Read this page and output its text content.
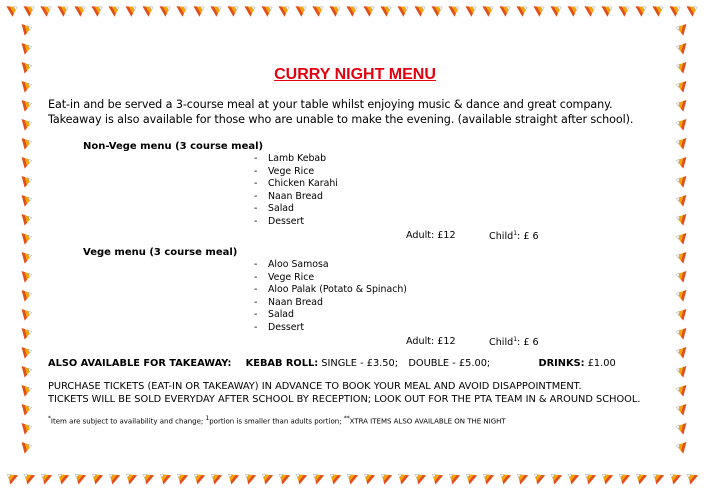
CURRY NIGHT MENU
Eat-in and be served a 3-course meal at your table whilst enjoying music & dance and great company.
Takeaway is also available for those who are unable to make the evening. (available straight after school).
Non-Vege menu (3 course meal)
- Lamb Kebab
- Vege Rice
- Chicken Karahi
- Naan Bread
- Salad
- Dessert
Adult: £12	Child$^1$: £ 6
Vege menu (3 course meal)
- Aloo Samosa
- Vege Rice
- Aloo Palak (Potato & Spinach)
- Naan Bread
- Salad
- Dessert
Adult: £12	Child$^1$: £ 6
ALSO AVAILABLE FOR TAKEAWAY: KEBAB ROLL: SINGLE - £3.50; DOUBLE - £5.00;	DRINKS: £1.00
PURCHASE TICKETS (EAT-IN OR TAKEAWAY) IN ADVANCE TO BOOK YOUR MEAL AND AVOID DISAPPOINTMENT.
TICKETS WILL BE SOLD EVERYDAY AFTER SCHOOL BY RECEPTION; LOOK OUT FOR THE PTA TEAM IN & AROUND SCHOOL.
*Item are subject to availability and change; $^1$portion is smaller than adults portion; **XTRA ITEMS ALSO AVAILABLE ON THE NIGHT
